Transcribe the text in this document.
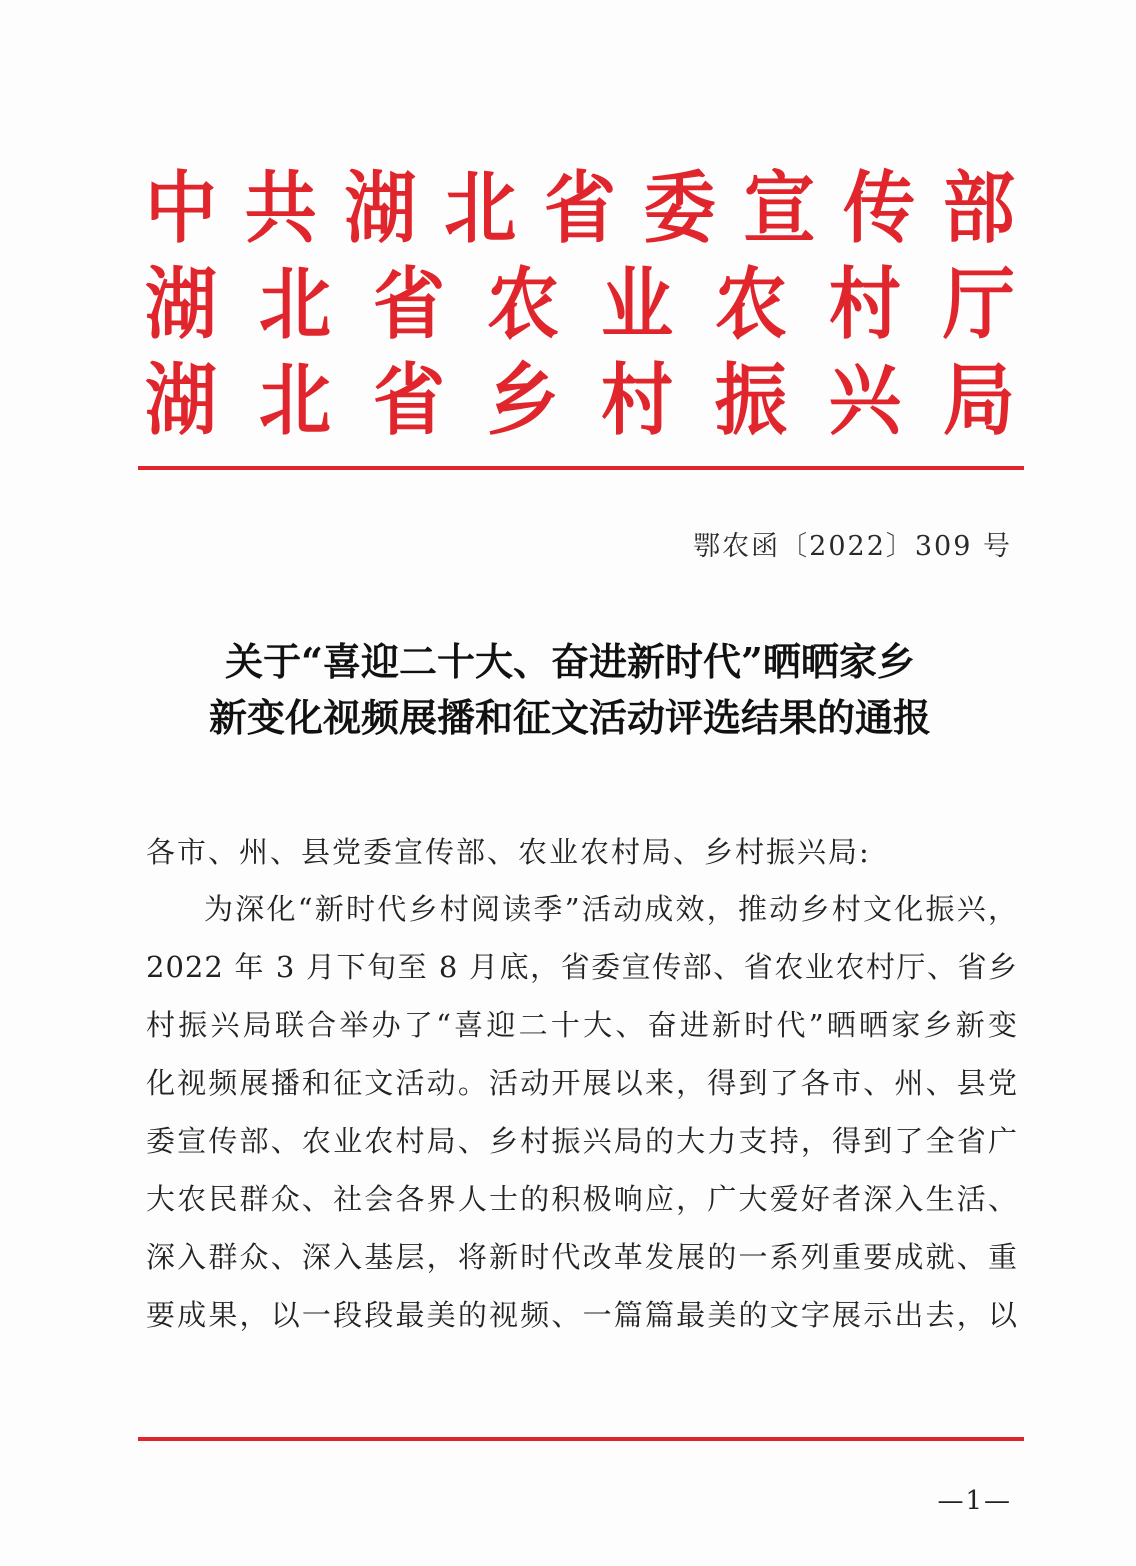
中 共 湖 北 省 委 宣 传 部
湖 北 省 农 业 农 村 厅
湖 北 省 乡 村 振 兴 局
鄂农函〔2022〕309 号
关于“喜迎二十大、奋进新时代”晒晒家乡
新变化视频展播和征文活动评选结果的通报
各市、州、县党委宣传部、农业农村局、乡村振兴局:
为深化“新时代乡村阅读季”活动成效，推动乡村文化振兴，
2022 年 3 月下旬至 8 月底，省委宣传部、省农业农村厅、省乡
村振兴局联合举办了“喜迎二十大、奋进新时代”晒晒家乡新变
化视频展播和征文活动。活动开展以来，得到了各市、州、县党
委宣传部、农业农村局、乡村振兴局的大力支持，得到了全省广
大农民群众、社会各界人士的积极响应，广大爱好者深入生活、
深入群众、深入基层，将新时代改革发展的一系列重要成就、重
要成果，以一段段最美的视频、一篇篇最美的文字展示出去，以
—1—
